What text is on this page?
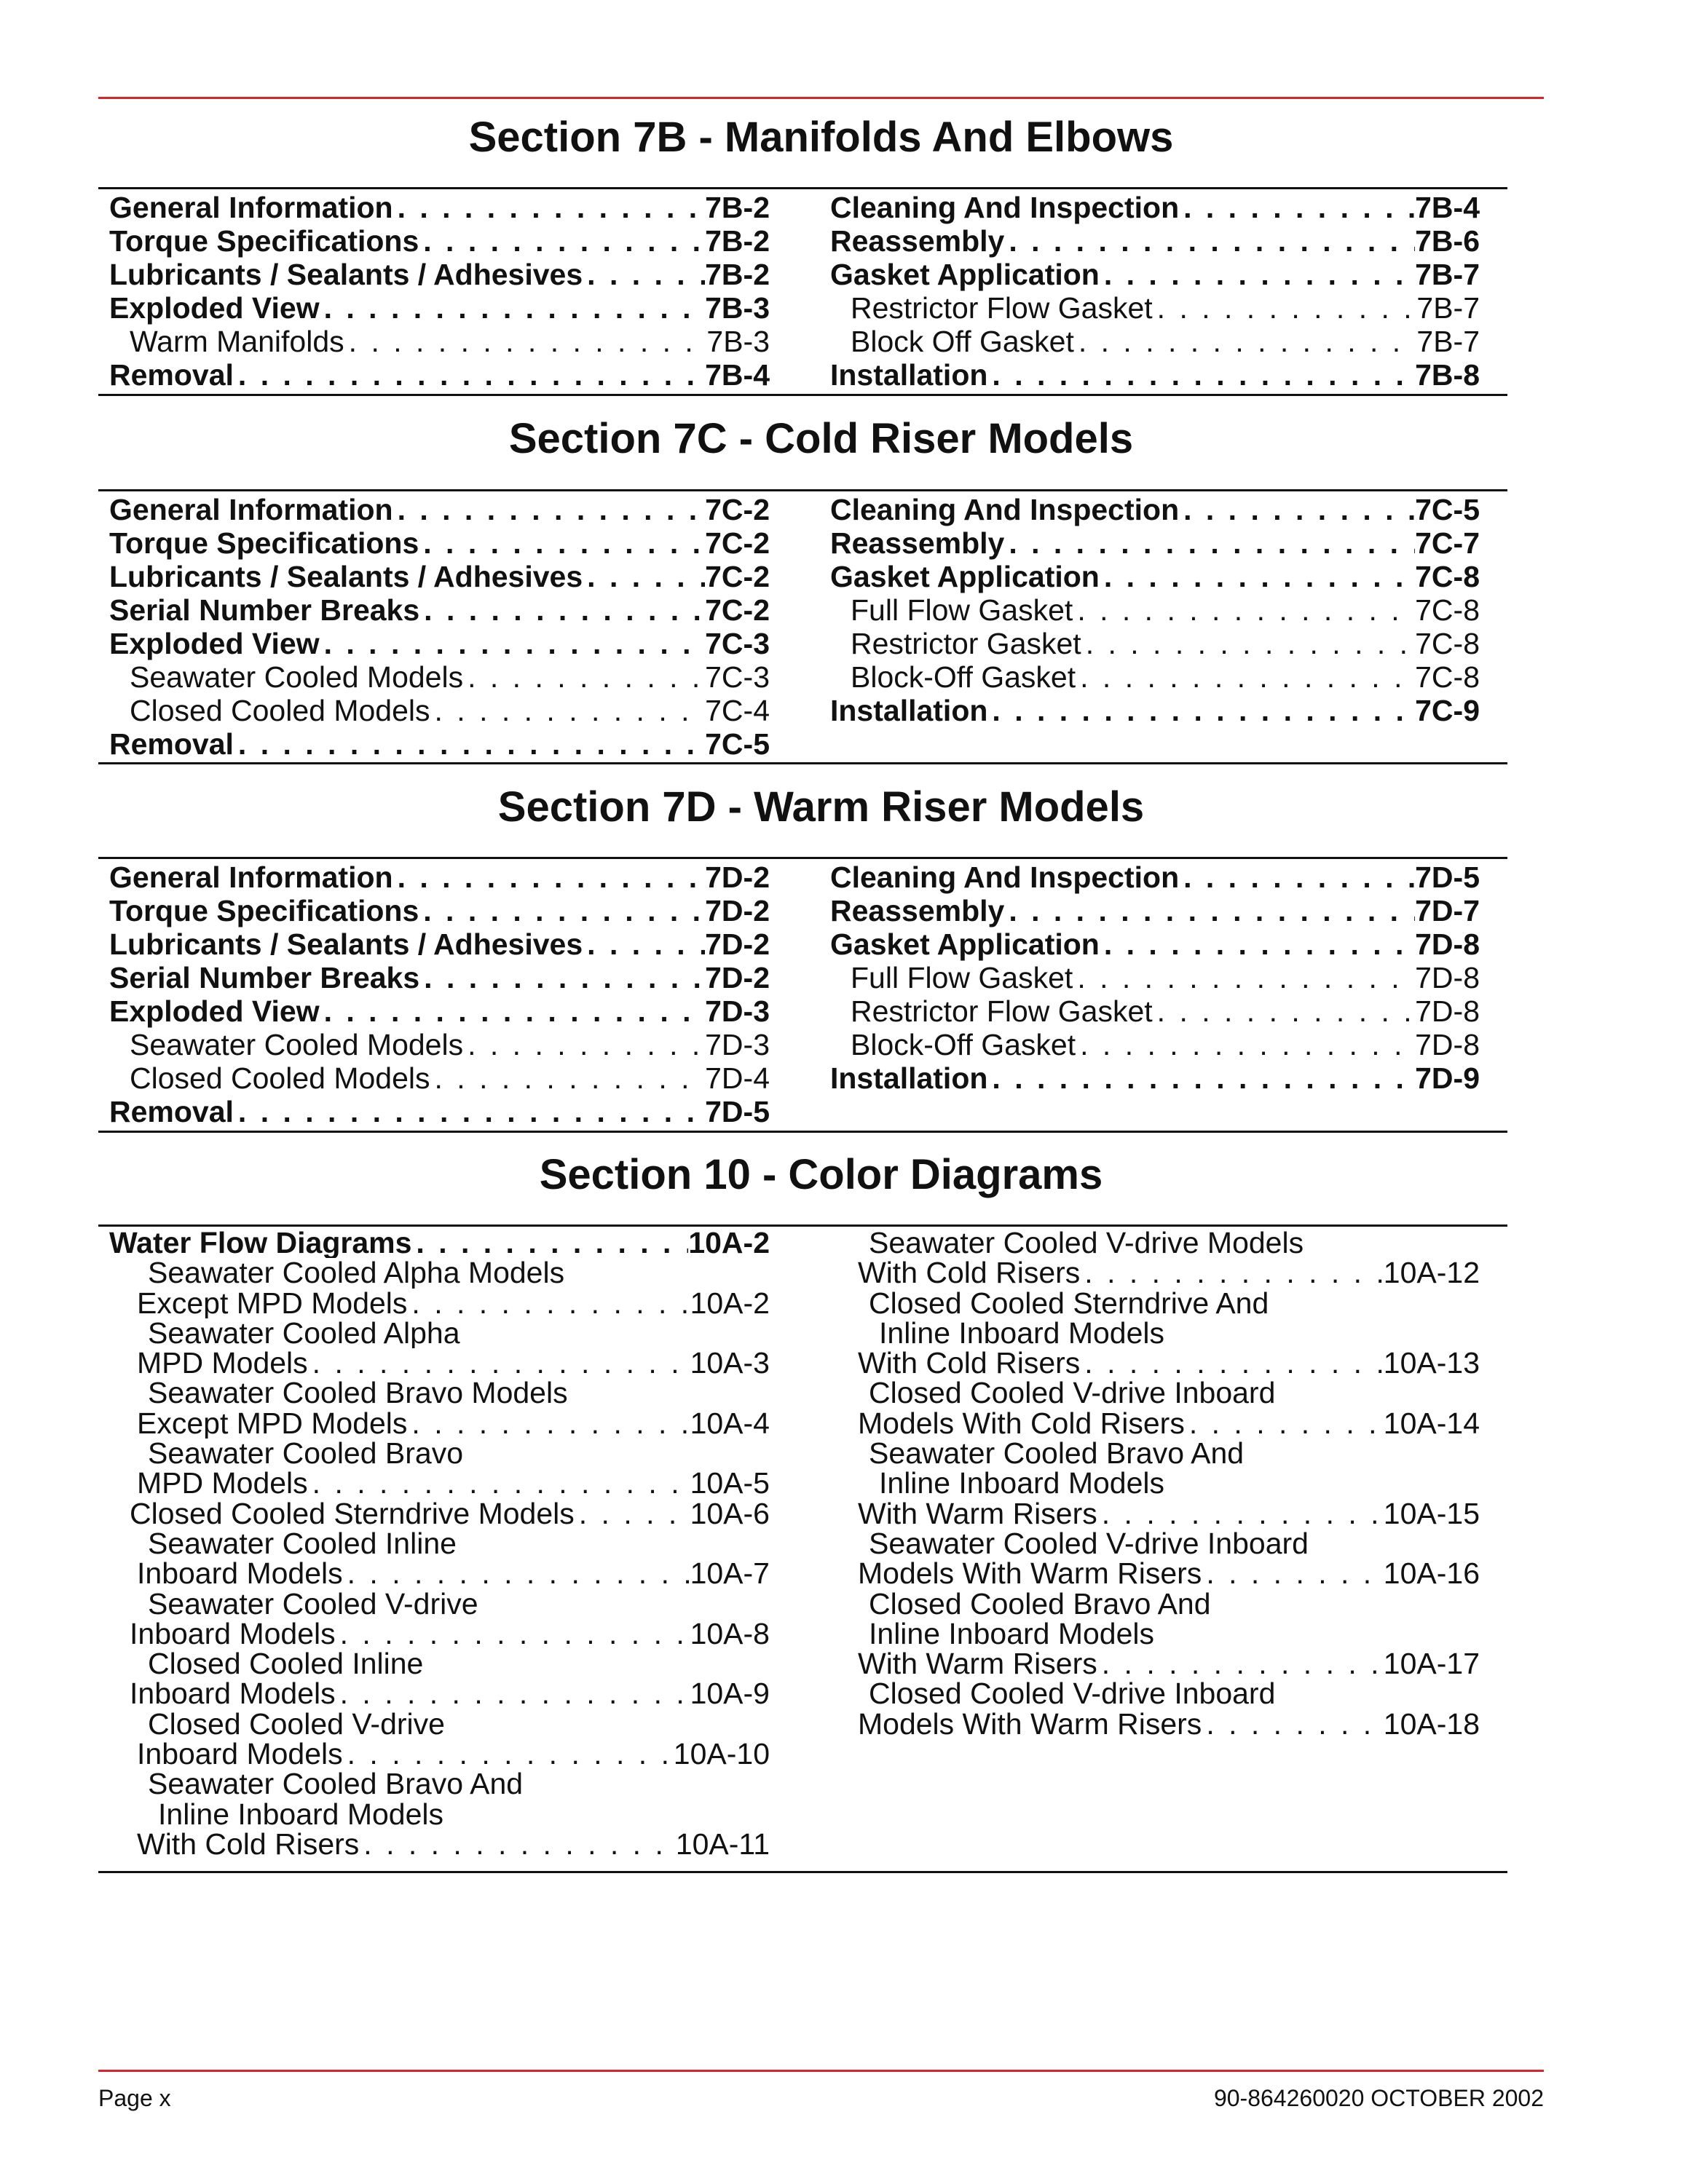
Section 7B - Manifolds And Elbows
General Information . . .	7B-2
Torque Specifications . . .	7B-2
Lubricants / Sealants / Adhesives . . .	7B-2
Exploded View . . .	7B-3
Warm Manifolds . . .	7B-3
Removal . . .	7B-4
Cleaning And Inspection . . .	7B-4
Reassembly . . .	7B-6
Gasket Application . . .	7B-7
Restrictor Flow Gasket . . .	7B-7
Block Off Gasket . . .	7B-7
Installation . . .	7B-8
Section 7C - Cold Riser Models
General Information . . .	7C-2
Torque Specifications . . .	7C-2
Lubricants / Sealants / Adhesives . . .	7C-2
Serial Number Breaks . . .	7C-2
Exploded View . . .	7C-3
Seawater Cooled Models . . .	7C-3
Closed Cooled Models . . .	7C-4
Removal . . .	7C-5
Cleaning And Inspection . . .	7C-5
Reassembly . . .	7C-7
Gasket Application . . .	7C-8
Full Flow Gasket . . .	7C-8
Restrictor Gasket . . .	7C-8
Block-Off Gasket . . .	7C-8
Installation . . .	7C-9
Section 7D - Warm Riser Models
General Information . . .	7D-2
Torque Specifications . . .	7D-2
Lubricants / Sealants / Adhesives . . .	7D-2
Serial Number Breaks . . .	7D-2
Exploded View . . .	7D-3
Seawater Cooled Models . . .	7D-3
Closed Cooled Models . . .	7D-4
Removal . . .	7D-5
Cleaning And Inspection . . .	7D-5
Reassembly . . .	7D-7
Gasket Application . . .	7D-8
Full Flow Gasket . . .	7D-8
Restrictor Flow Gasket . . .	7D-8
Block-Off Gasket . . .	7D-8
Installation . . .	7D-9
Section 10 - Color Diagrams
Water Flow Diagrams . . .	10A-2
Seawater Cooled Alpha Models
Except MPD Models . . .	10A-2
Seawater Cooled Alpha
MPD Models . . .	10A-3
Seawater Cooled Bravo Models
Except MPD Models . . .	10A-4
Seawater Cooled Bravo
MPD Models . . .	10A-5
Closed Cooled Sterndrive Models . . .	10A-6
Seawater Cooled Inline
Inboard Models . . .	10A-7
Seawater Cooled V-drive
Inboard Models . . .	10A-8
Closed Cooled Inline
Inboard Models . . .	10A-9
Closed Cooled V-drive
Inboard Models . . .	10A-10
Seawater Cooled Bravo And
Inline Inboard Models
With Cold Risers . . .	10A-11
Seawater Cooled V-drive Models
With Cold Risers . . .	10A-12
Closed Cooled Sterndrive And
Inline Inboard Models
With Cold Risers . . .	10A-13
Closed Cooled V-drive Inboard
Models With Cold Risers . . .	10A-14
Seawater Cooled Bravo And
Inline Inboard Models
With Warm Risers . . .	10A-15
Seawater Cooled V-drive Inboard
Models With Warm Risers . . .	10A-16
Closed Cooled Bravo And
Inline Inboard Models
With Warm Risers . . .	10A-17
Closed Cooled V-drive Inboard
Models With Warm Risers . . .	10A-18
Page x	90-864260020 OCTOBER 2002
